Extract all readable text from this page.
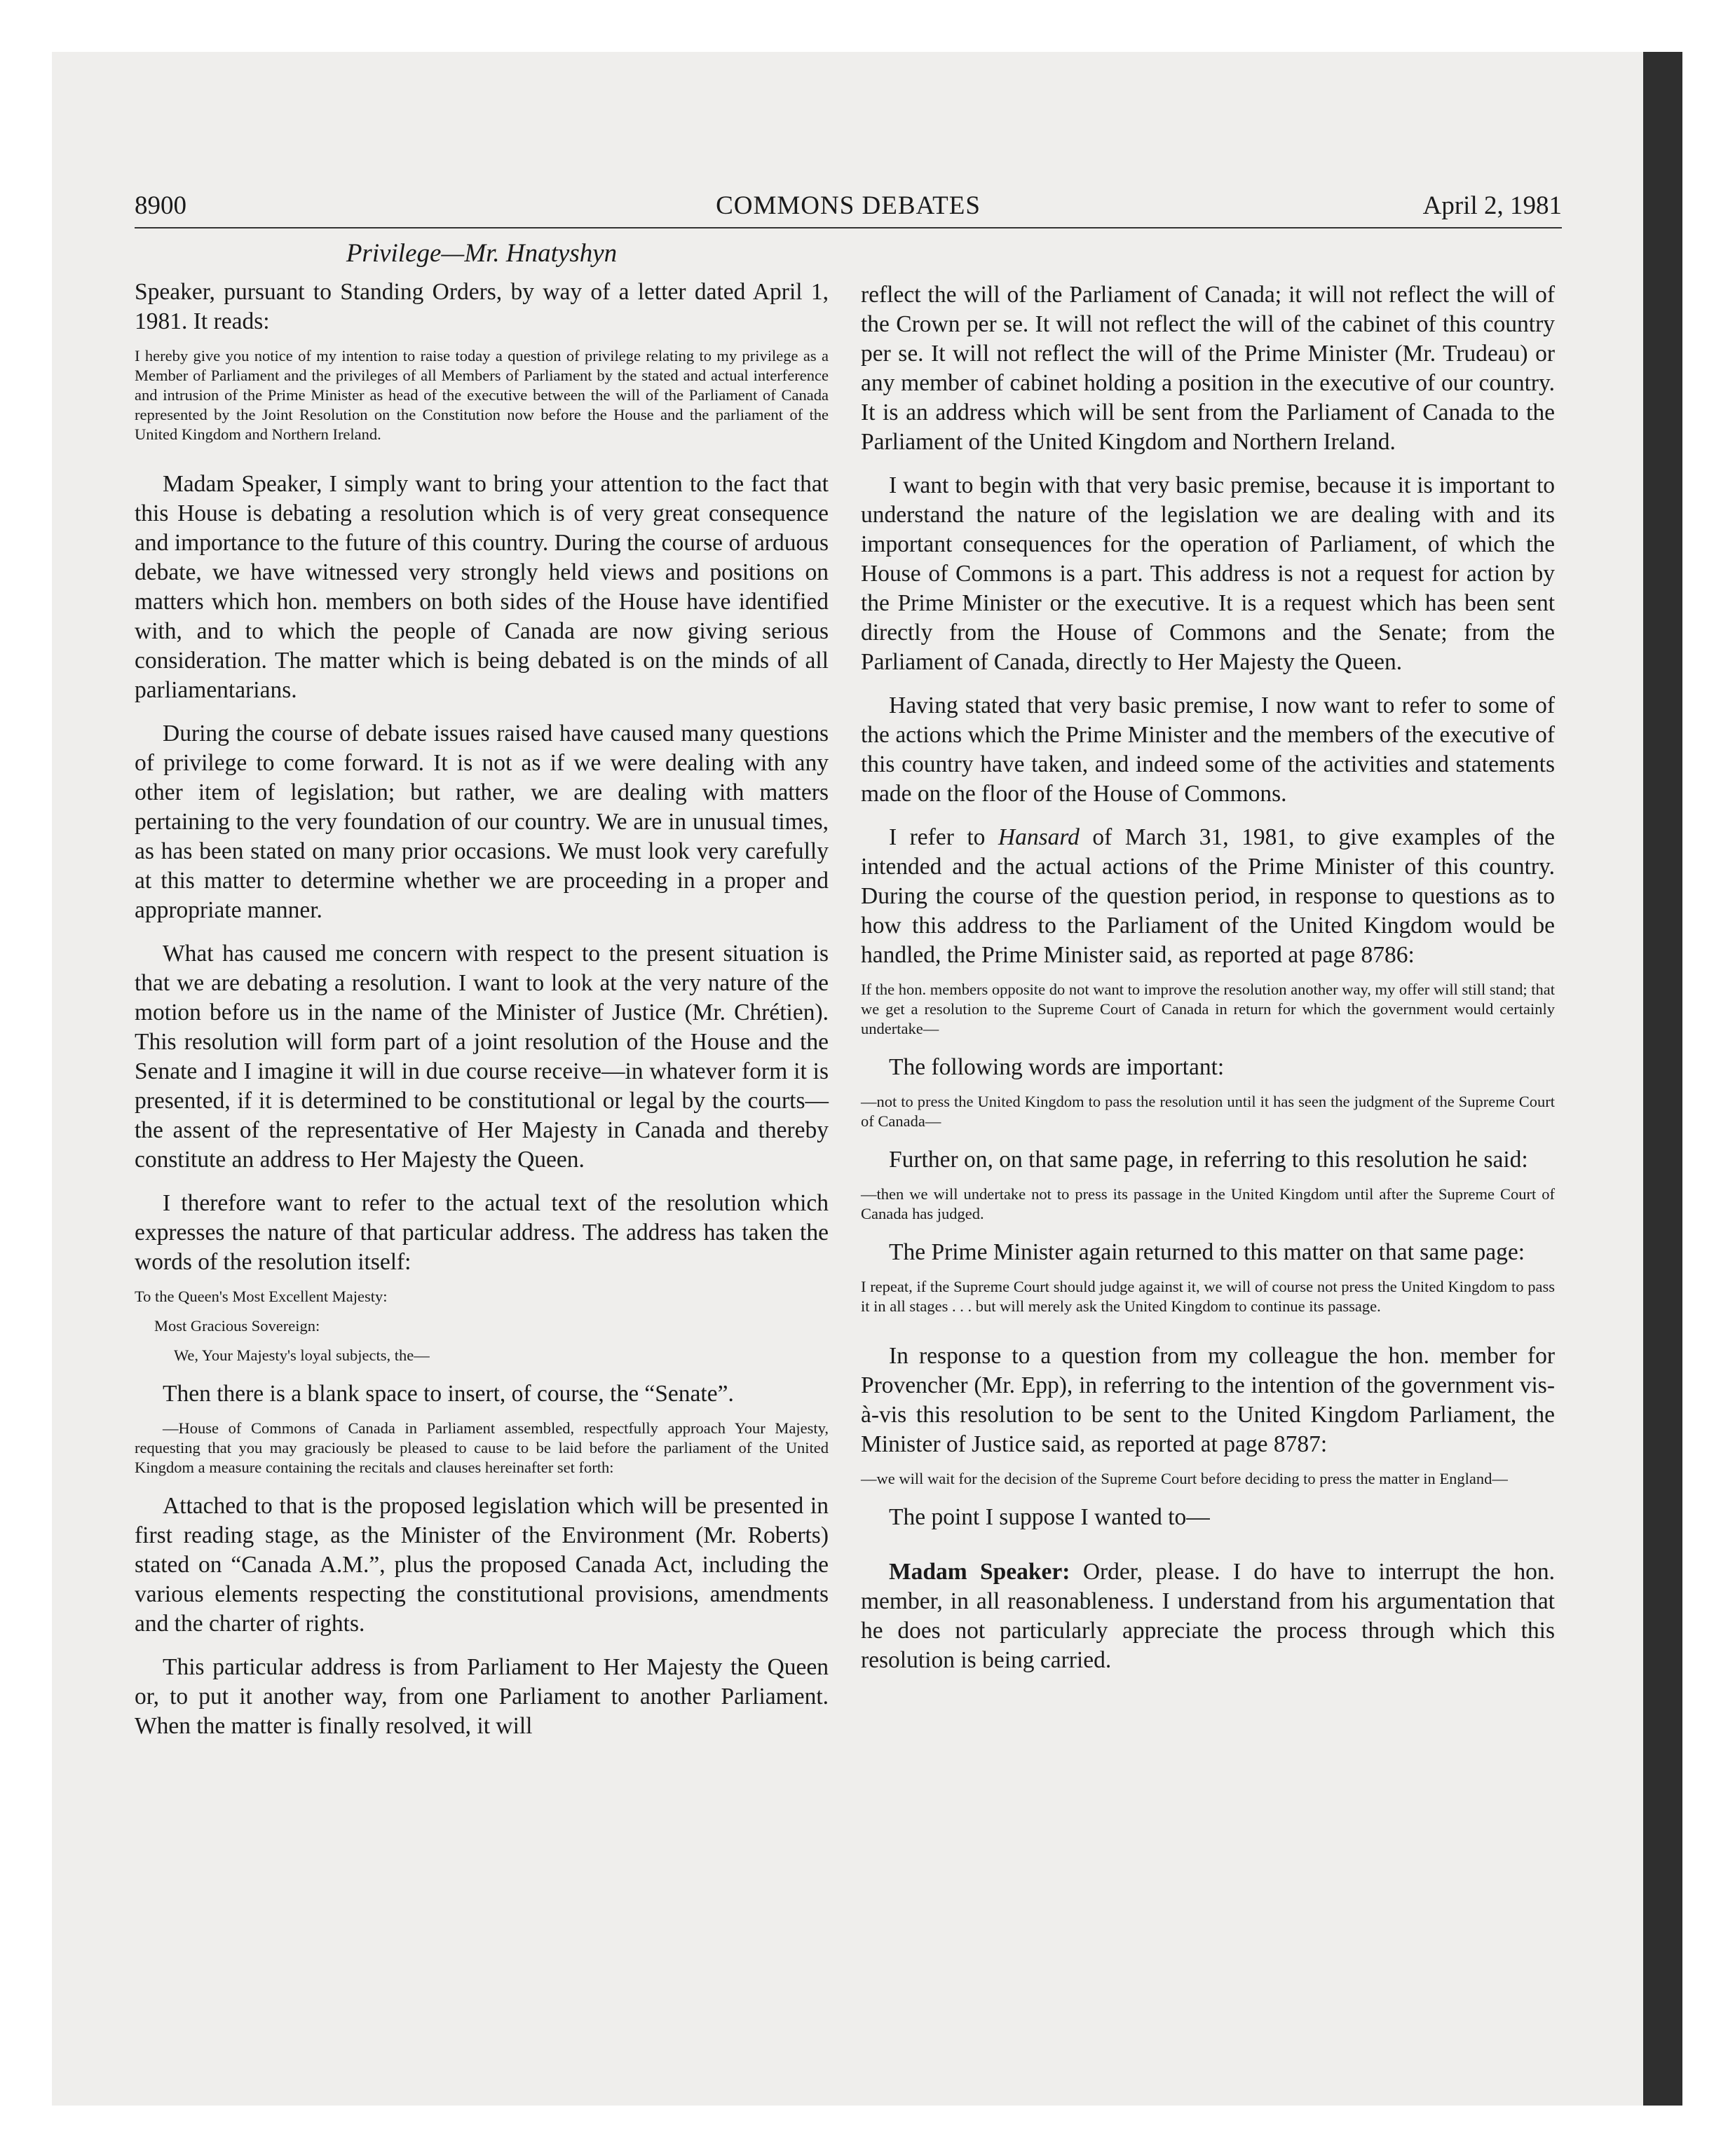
8900	COMMONS DEBATES	April 2, 1981
Privilege—Mr. Hnatyshyn

Speaker, pursuant to Standing Orders, by way of a letter dated April 1, 1981. It reads:

I hereby give you notice of my intention to raise today a question of privilege relating to my privilege as a Member of Parliament and the privileges of all Members of Parliament by the stated and actual interference and intrusion of the Prime Minister as head of the executive between the will of the Parliament of Canada represented by the Joint Resolution on the Constitution now before the House and the parliament of the United Kingdom and Northern Ireland.

Madam Speaker, I simply want to bring your attention to the fact that this House is debating a resolution which is of very great consequence and importance to the future of this country. During the course of arduous debate, we have witnessed very strongly held views and positions on matters which hon. members on both sides of the House have identified with, and to which the people of Canada are now giving serious consideration. The matter which is being debated is on the minds of all parliamentarians.

During the course of debate issues raised have caused many questions of privilege to come forward. It is not as if we were dealing with any other item of legislation; but rather, we are dealing with matters pertaining to the very foundation of our country. We are in unusual times, as has been stated on many prior occasions. We must look very carefully at this matter to determine whether we are proceeding in a proper and appropriate manner.

What has caused me concern with respect to the present situation is that we are debating a resolution. I want to look at the very nature of the motion before us in the name of the Minister of Justice (Mr. Chrétien). This resolution will form part of a joint resolution of the House and the Senate and I imagine it will in due course receive—in whatever form it is presented, if it is determined to be constitutional or legal by the courts—the assent of the representative of Her Majesty in Canada and thereby constitute an address to Her Majesty the Queen.

I therefore want to refer to the actual text of the resolution which expresses the nature of that particular address. The address has taken the words of the resolution itself:

To the Queen's Most Excellent Majesty:

Most Gracious Sovereign:

We, Your Majesty's loyal subjects, the—

Then there is a blank space to insert, of course, the “Senate”.

—House of Commons of Canada in Parliament assembled, respectfully approach Your Majesty, requesting that you may graciously be pleased to cause to be laid before the parliament of the United Kingdom a measure containing the recitals and clauses hereinafter set forth:

Attached to that is the proposed legislation which will be presented in first reading stage, as the Minister of the Environment (Mr. Roberts) stated on “Canada A.M.”, plus the proposed Canada Act, including the various elements respecting the constitutional provisions, amendments and the charter of rights.

This particular address is from Parliament to Her Majesty the Queen or, to put it another way, from one Parliament to another Parliament. When the matter is finally resolved, it will

reflect the will of the Parliament of Canada; it will not reflect the will of the Crown per se. It will not reflect the will of the cabinet of this country per se. It will not reflect the will of the Prime Minister (Mr. Trudeau) or any member of cabinet holding a position in the executive of our country. It is an address which will be sent from the Parliament of Canada to the Parliament of the United Kingdom and Northern Ireland.

I want to begin with that very basic premise, because it is important to understand the nature of the legislation we are dealing with and its important consequences for the operation of Parliament, of which the House of Commons is a part. This address is not a request for action by the Prime Minister or the executive. It is a request which has been sent directly from the House of Commons and the Senate; from the Parliament of Canada, directly to Her Majesty the Queen.

Having stated that very basic premise, I now want to refer to some of the actions which the Prime Minister and the members of the executive of this country have taken, and indeed some of the activities and statements made on the floor of the House of Commons.

I refer to Hansard of March 31, 1981, to give examples of the intended and the actual actions of the Prime Minister of this country. During the course of the question period, in response to questions as to how this address to the Parliament of the United Kingdom would be handled, the Prime Minister said, as reported at page 8786:

If the hon. members opposite do not want to improve the resolution another way, my offer will still stand; that we get a resolution to the Supreme Court of Canada in return for which the government would certainly undertake—

The following words are important:

—not to press the United Kingdom to pass the resolution until it has seen the judgment of the Supreme Court of Canada—

Further on, on that same page, in referring to this resolution he said:

—then we will undertake not to press its passage in the United Kingdom until after the Supreme Court of Canada has judged.

The Prime Minister again returned to this matter on that same page:

I repeat, if the Supreme Court should judge against it, we will of course not press the United Kingdom to pass it in all stages . . . but will merely ask the United Kingdom to continue its passage.

In response to a question from my colleague the hon. member for Provencher (Mr. Epp), in referring to the intention of the government vis-à-vis this resolution to be sent to the United Kingdom Parliament, the Minister of Justice said, as reported at page 8787:

—we will wait for the decision of the Supreme Court before deciding to press the matter in England—

The point I suppose I wanted to—

Madam Speaker: Order, please. I do have to interrupt the hon. member, in all reasonableness. I understand from his argumentation that he does not particularly appreciate the process through which this resolution is being carried.
